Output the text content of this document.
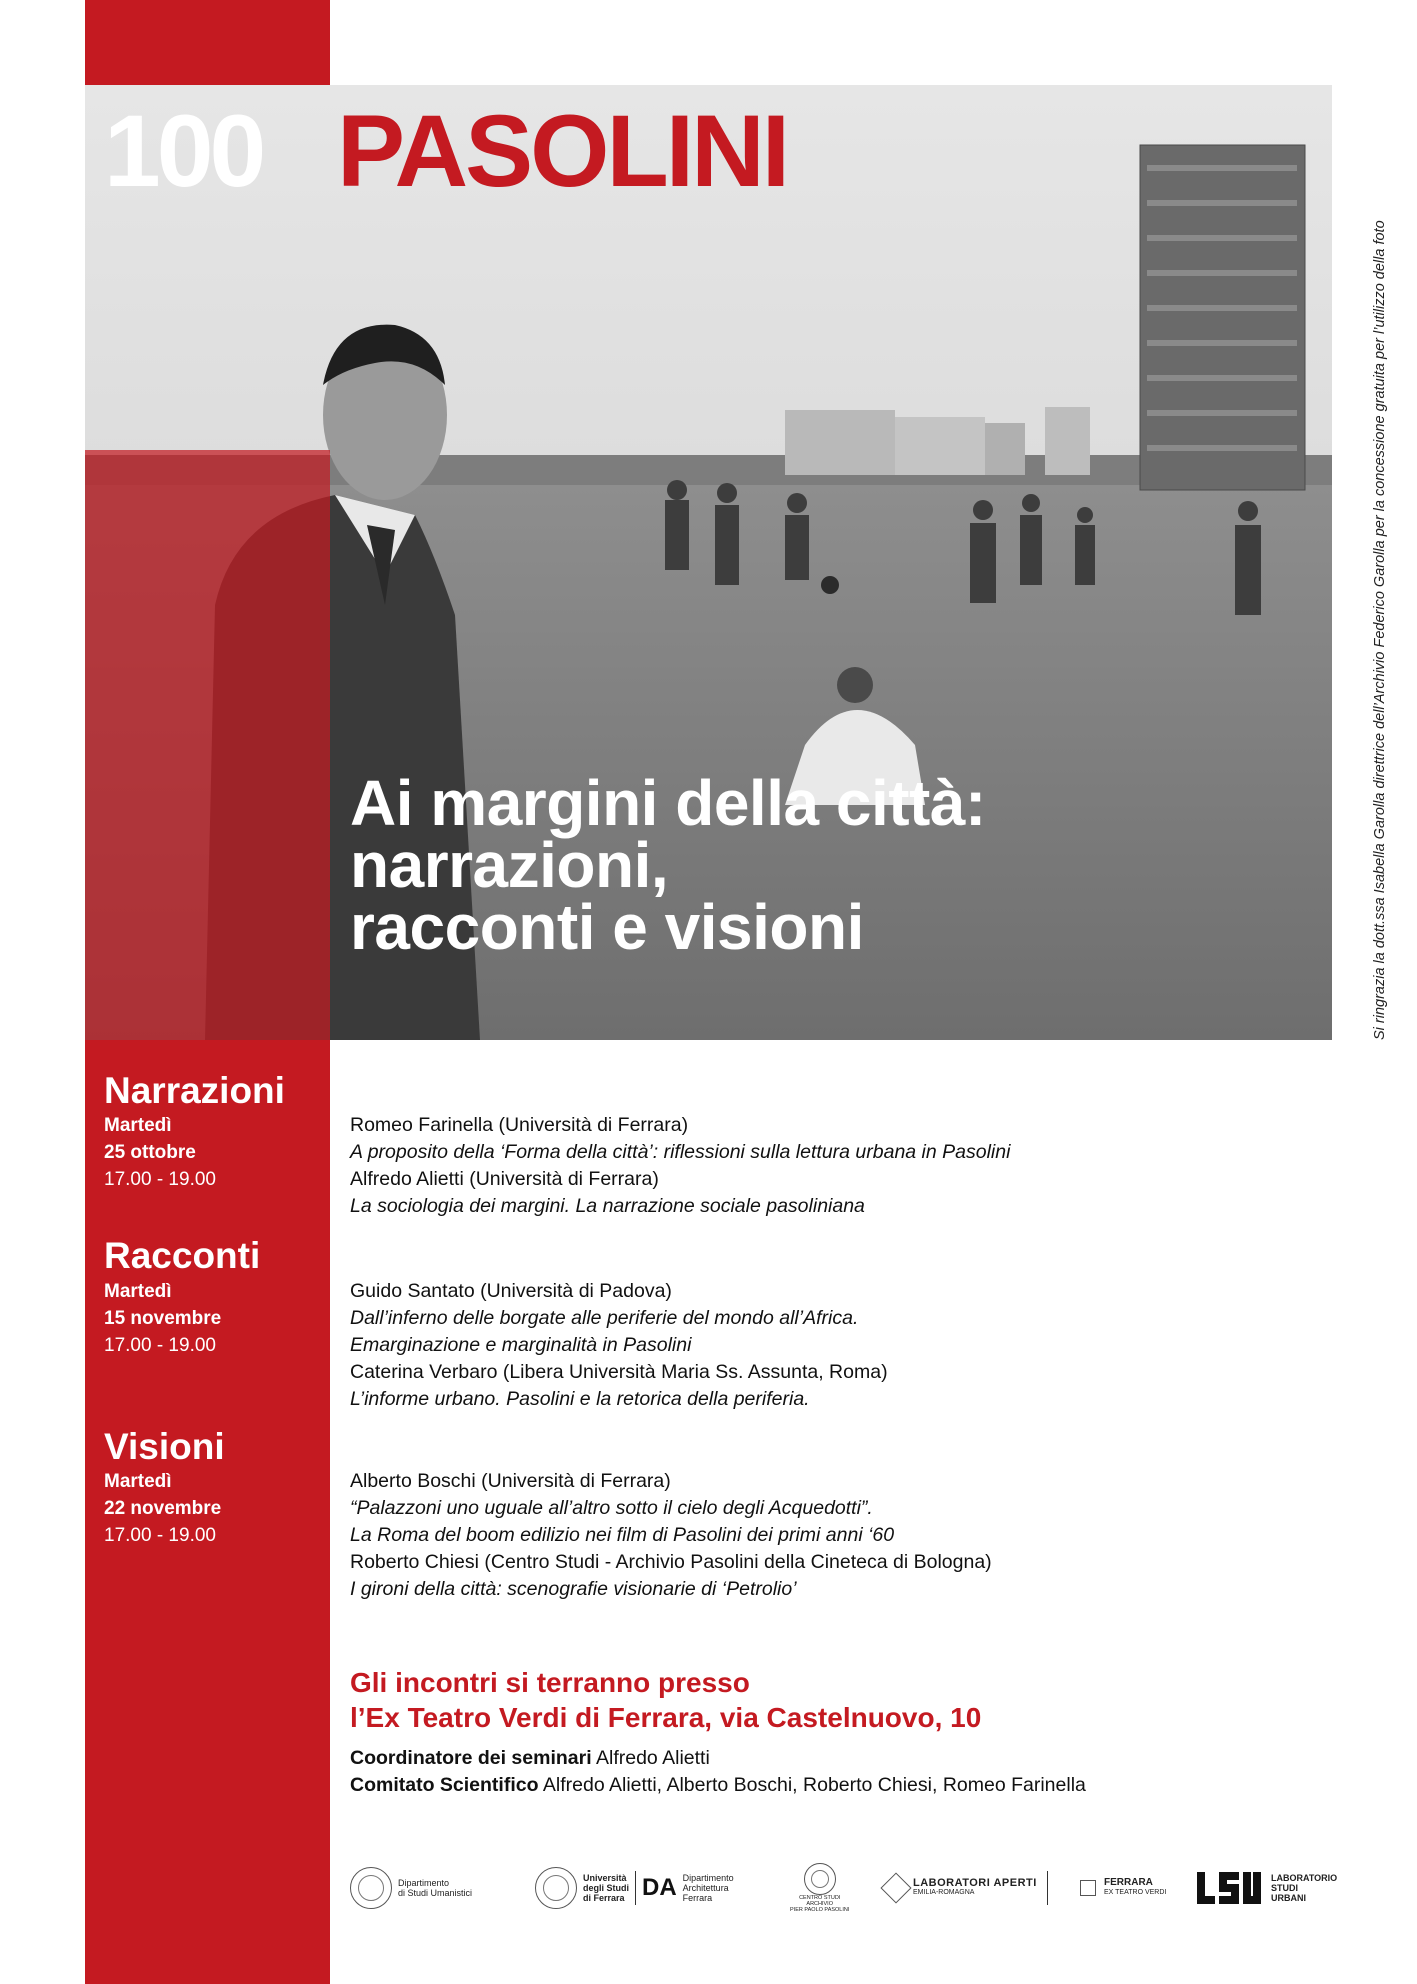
100 PASOLINI
Si ringrazia la dott.ssa Isabella Garolla direttrice dell’Archivio Federico Garolla per la concessione gratuita per l’utilizzo della foto
Ai margini della città:
narrazioni,
racconti e visioni
Narrazioni
Martedì
25 ottobre
17.00 - 19.00
Romeo Farinella (Università di Ferrara)
A proposito della ‘Forma della città’: riflessioni sulla lettura urbana in Pasolini
Alfredo Alietti (Università di Ferrara)
La sociologia dei margini. La narrazione sociale pasoliniana
Racconti
Martedì
15 novembre
17.00 - 19.00
Guido Santato (Università di Padova)
Dall’inferno delle borgate alle periferie del mondo all’Africa.
Emarginazione e marginalità in Pasolini
Caterina Verbaro (Libera Università Maria Ss. Assunta, Roma)
L’informe urbano. Pasolini e la retorica della periferia.
Visioni
Martedì
22 novembre
17.00 - 19.00
Alberto Boschi (Università di Ferrara)
“Palazzoni uno uguale all’altro sotto il cielo degli Acquedotti”.
La Roma del boom edilizio nei film di Pasolini dei primi anni ‘60
Roberto Chiesi (Centro Studi - Archivio Pasolini della Cineteca di Bologna)
I gironi della città: scenografie visionarie di ‘Petrolio’
Gli incontri si terranno presso
l’Ex Teatro Verdi di Ferrara, via Castelnuovo, 10
Coordinatore dei seminari Alfredo Alietti
Comitato Scientifico Alfredo Alietti, Alberto Boschi, Roberto Chiesi, Romeo Farinella
Dipartimento
di Studi Umanistici
Università
degli Studi
di Ferrara DA Dipartimento
Architettura
Ferrara	CENTRO STUDI
ARCHIVIO
PIER PAOLO PASOLINI
LABORATORI APERTI
EMILIA-ROMAGNA
FERRARA
EX TEATRO VERDI
LABORATORIO
STUDI
URBANI
